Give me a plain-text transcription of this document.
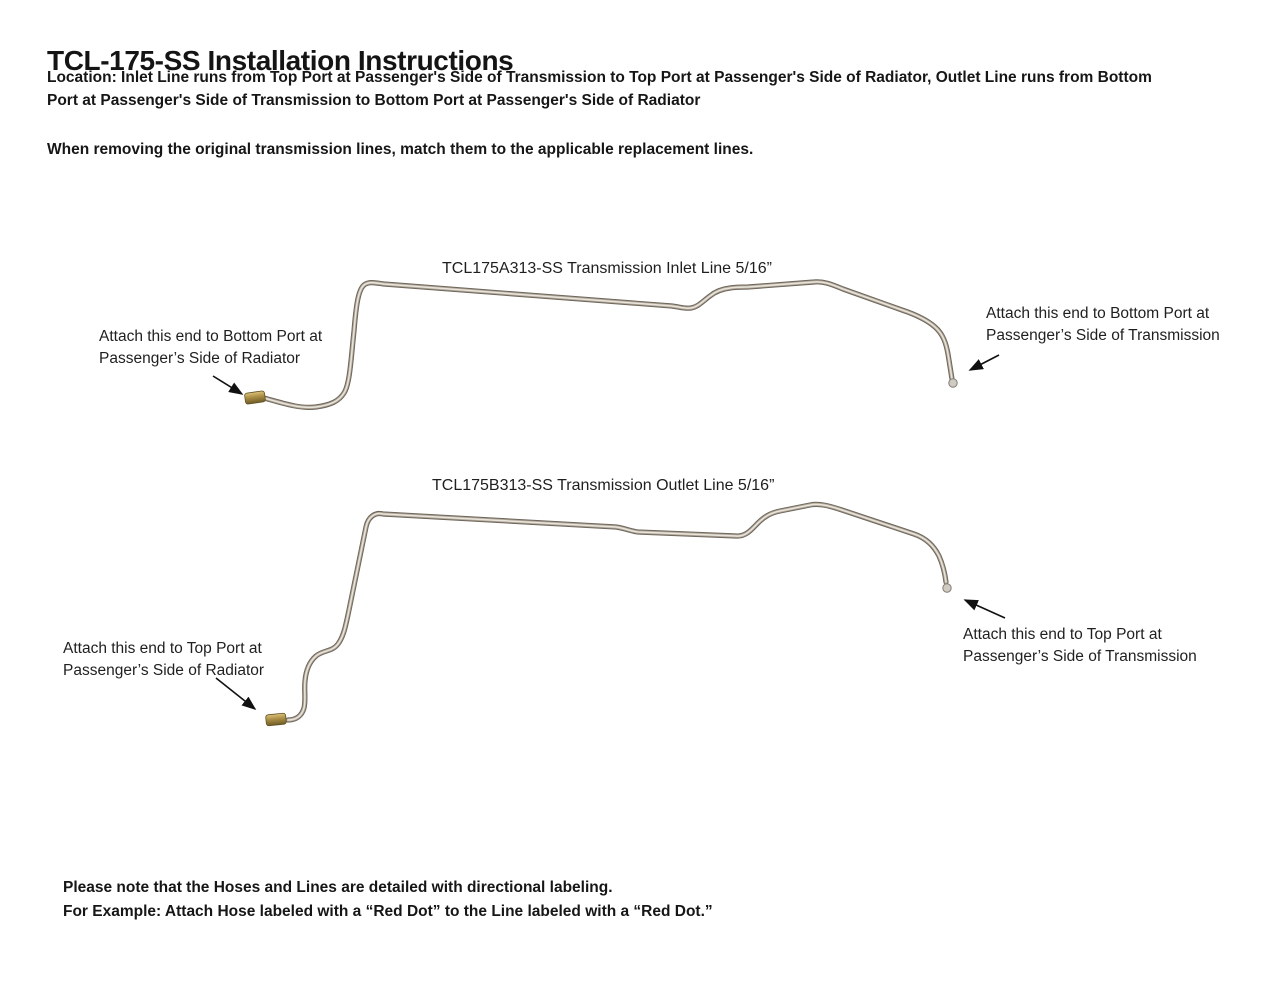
TCL-175-SS Installation Instructions
Location: Inlet Line runs from Top Port at Passenger's Side of Transmission to Top Port at Passenger's Side of Radiator, Outlet Line runs from Bottom
Port at Passenger's Side of Transmission to Bottom Port at Passenger's Side of Radiator
When removing the original transmission lines, match them to the applicable replacement lines.
TCL175A313-SS Transmission Inlet Line 5/16”
Attach this end to Bottom Port at
Passenger’s Side of Radiator
Attach this end to Bottom Port at
Passenger’s Side of Transmission
TCL175B313-SS Transmission Outlet Line 5/16”
Attach this end to Top Port at
Passenger’s Side of Radiator
Attach this end to Top Port at
Passenger’s Side of Transmission
Please note that the Hoses and Lines are detailed with directional labeling.
For Example: Attach Hose labeled with a “Red Dot” to the Line labeled with a “Red Dot.”
